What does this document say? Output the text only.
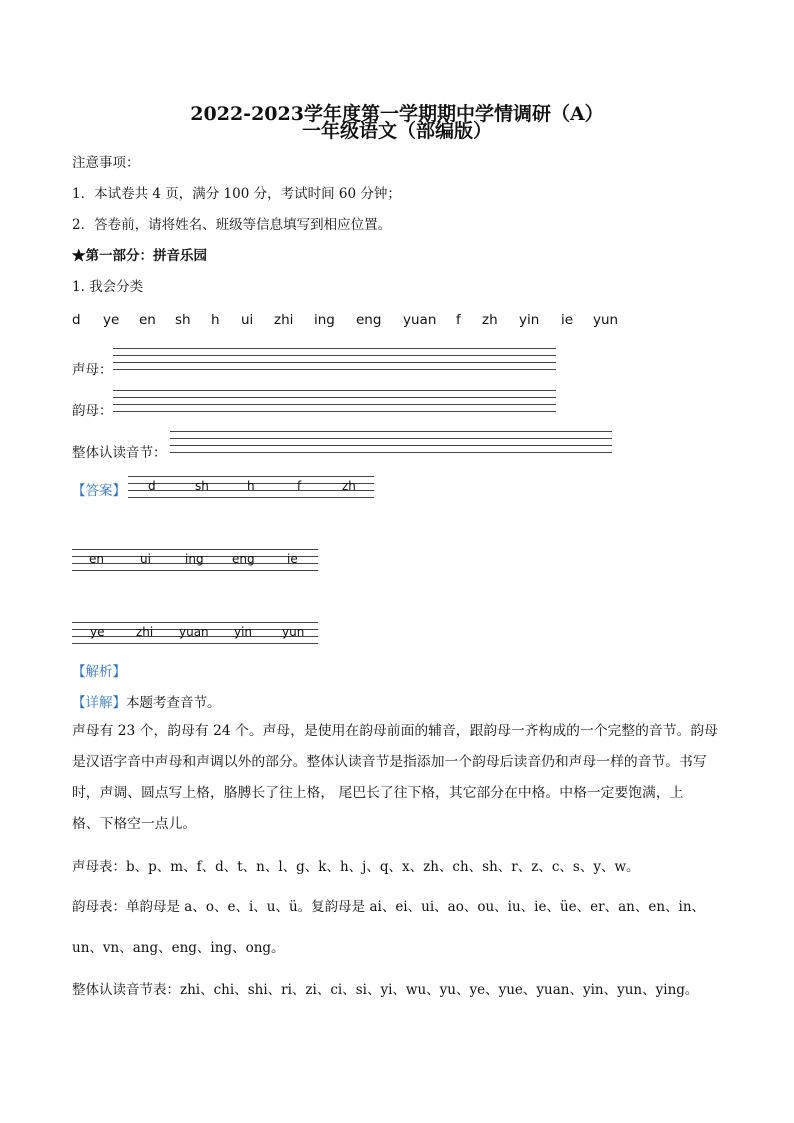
2022-2023学年度第一学期期中学情调研（A）
一年级语文（部编版）
注意事项：
1．本试卷共 4 页，满分 100 分，考试时间 60 分钟；
2．答卷前，请将姓名、班级等信息填写到相应位置。
★第一部分：拼音乐园
1. 我会分类
d ye en sh h ui zhi ing eng yuan f zh yin ie yun
声母：
韵母：
整体认读音节：
【答案】 d	sh	h	f	zh
en	ui	ing eng	ie
ye	zhi yuan yin yun
【解析】
【详解】本题考查音节。
声母有 23 个，韵母有 24 个。声母，是使用在韵母前面的辅音，跟韵母一齐构成的一个完整的音节。韵母
是汉语字音中声母和声调以外的部分。整体认读音节是指添加一个韵母后读音仍和声母一样的音节。书写
时，声调、圆点写上格，胳膊长了往上格， 尾巴长了往下格，其它部分在中格。中格一定要饱满，上
格、下格空一点儿。
声母表：b、p、m、f、d、t、n、l、g、k、h、j、q、x、zh、ch、sh、r、z、c、s、y、w。
韵母表：单韵母是 a、o、e、i、u、ü。复韵母是 ai、ei、ui、ao、ou、iu、ie、üe、er、an、en、in、
un、vn、ang、eng、ing、ong。
整体认读音节表：zhi、chi、shi、ri、zi、ci、si、yi、wu、yu、ye、yue、yuan、yin、yun、ying。
